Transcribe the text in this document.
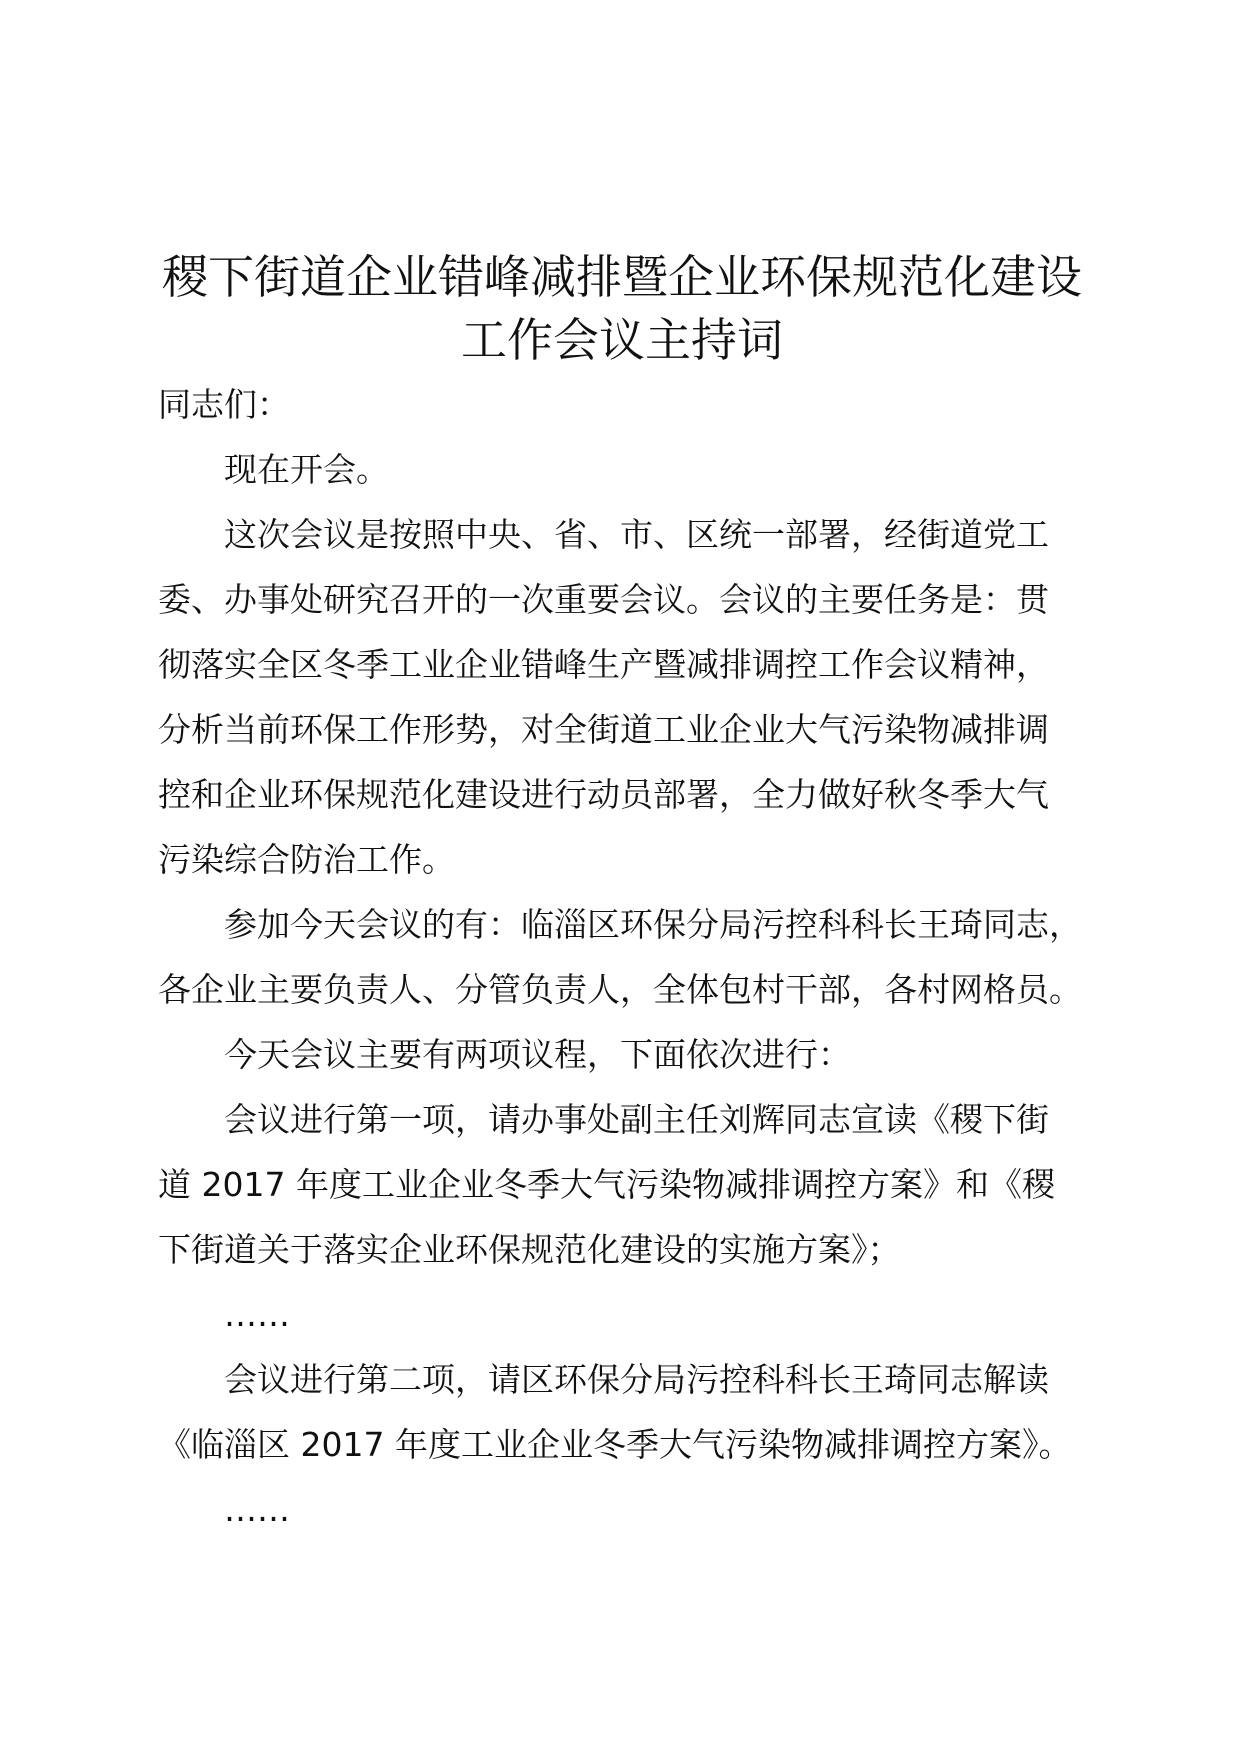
稷下街道企业错峰减排暨企业环保规范化建设
工作会议主持词

同志们：

现在开会。

这次会议是按照中央、省、市、区统一部署，经街道党工
委、办事处研究召开的一次重要会议。会议的主要任务是：贯
彻落实全区冬季工业企业错峰生产暨减排调控工作会议精神，
分析当前环保工作形势，对全街道工业企业大气污染物减排调
控和企业环保规范化建设进行动员部署，全力做好秋冬季大气
污染综合防治工作。

参加今天会议的有：临淄区环保分局污控科科长王琦同志，
各企业主要负责人、分管负责人，全体包村干部，各村网格员。

今天会议主要有两项议程，下面依次进行：

会议进行第一项，请办事处副主任刘辉同志宣读《稷下街
道 2017 年度工业企业冬季大气污染物减排调控方案》和《稷
下街道关于落实企业环保规范化建设的实施方案》；

……

会议进行第二项，请区环保分局污控科科长王琦同志解读
《临淄区 2017 年度工业企业冬季大气污染物减排调控方案》。

……
